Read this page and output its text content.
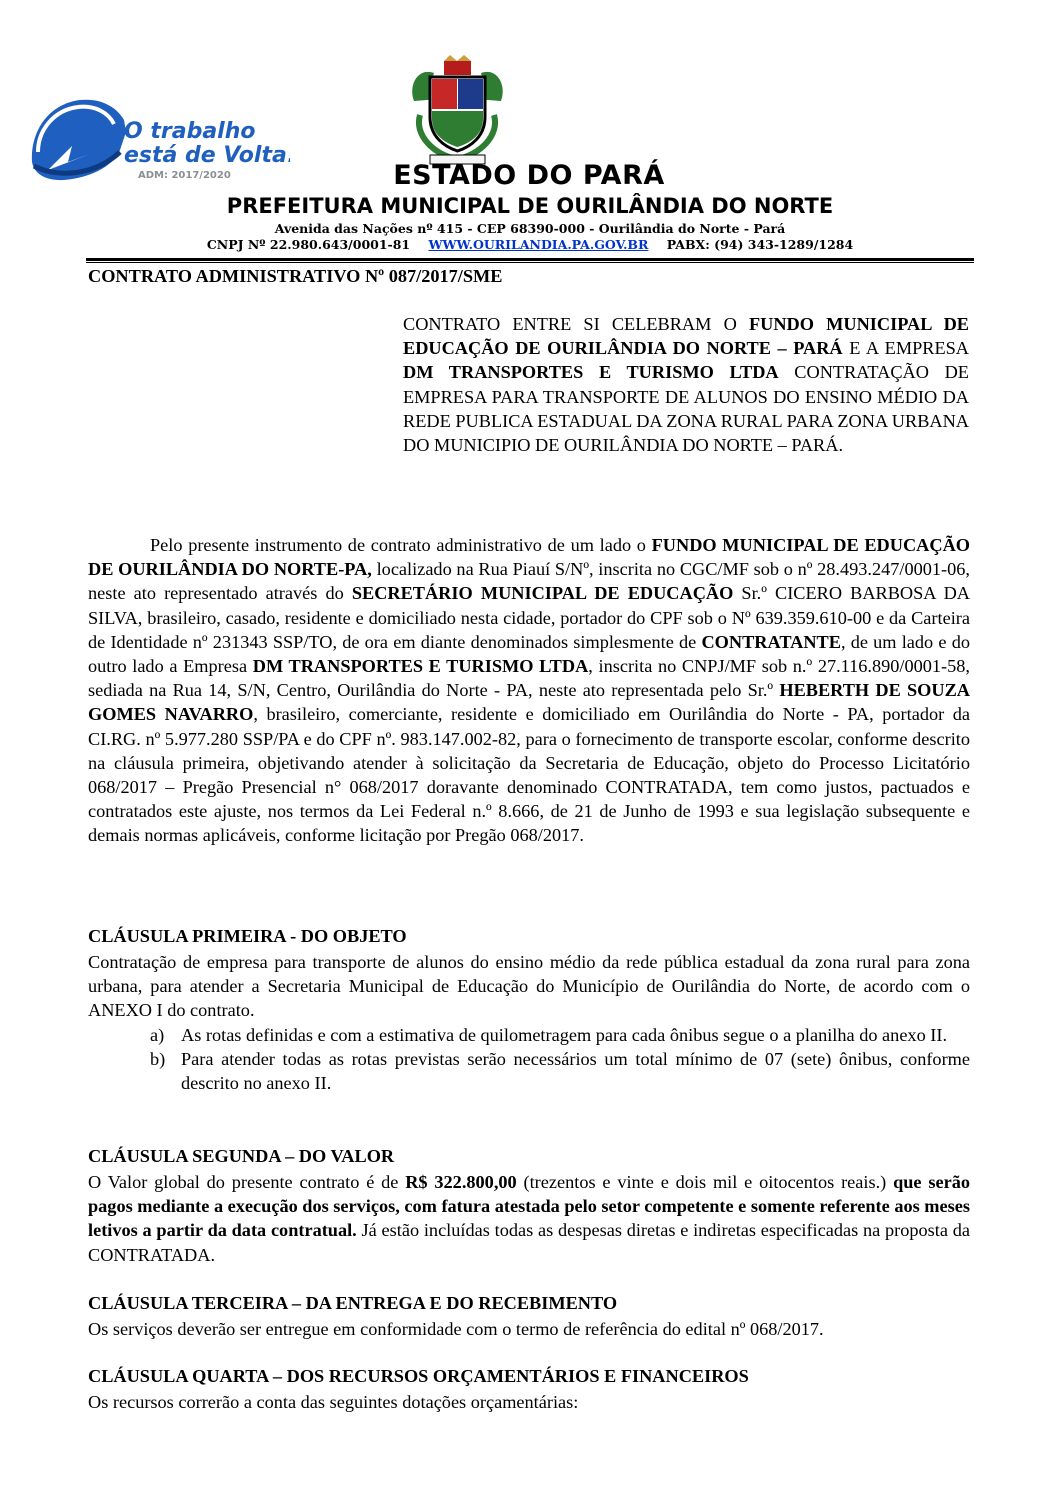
O trabalho
está de Volta!
ADM: 2017/2020	ESTADO DO PARÁ
PREFEITURA MUNICIPAL DE OURILÂNDIA DO NORTE
Avenida das Nações nº 415 - CEP 68390-000 - Ourilândia do Norte - Pará
CNPJ Nº 22.980.643/0001-81 WWW.OURILANDIA.PA.GOV.BR PABX: (94) 343-1289/1284
CONTRATO ADMINISTRATIVO Nº 087/2017/SME
CONTRATO ENTRE SI CELEBRAM O FUNDO MUNICIPAL DE EDUCAÇÃO DE OURILÂNDIA DO NORTE – PARÁ E A EMPRESA DM TRANSPORTES E TURISMO LTDA CONTRATAÇÃO DE EMPRESA PARA TRANSPORTE DE ALUNOS DO ENSINO MÉDIO DA REDE PUBLICA ESTADUAL DA ZONA RURAL PARA ZONA URBANA DO MUNICIPIO DE OURILÂNDIA DO NORTE – PARÁ.
Pelo presente instrumento de contrato administrativo de um lado o FUNDO MUNICIPAL DE EDUCAÇÃO DE OURILÂNDIA DO NORTE-PA, localizado na Rua Piauí S/Nº, inscrita no CGC/MF sob o nº 28.493.247/0001-06, neste ato representado através do SECRETÁRIO MUNICIPAL DE EDUCAÇÃO Sr.º CICERO BARBOSA DA SILVA, brasileiro, casado, residente e domiciliado nesta cidade, portador do CPF sob o Nº 639.359.610-00 e da Carteira de Identidade nº 231343 SSP/TO, de ora em diante denominados simplesmente de CONTRATANTE, de um lado e do outro lado a Empresa DM TRANSPORTES E TURISMO LTDA, inscrita no CNPJ/MF sob n.º 27.116.890/0001-58, sediada na Rua 14, S/N, Centro, Ourilândia do Norte - PA, neste ato representada pelo Sr.º HEBERTH DE SOUZA GOMES NAVARRO, brasileiro, comerciante, residente e domiciliado em Ourilândia do Norte - PA, portador da CI.RG. nº 5.977.280 SSP/PA e do CPF nº. 983.147.002-82, para o fornecimento de transporte escolar, conforme descrito na cláusula primeira, objetivando atender à solicitação da Secretaria de Educação, objeto do Processo Licitatório 068/2017 – Pregão Presencial n° 068/2017 doravante denominado CONTRATADA, tem como justos, pactuados e contratados este ajuste, nos termos da Lei Federal n.º 8.666, de 21 de Junho de 1993 e sua legislação subsequente e demais normas aplicáveis, conforme licitação por Pregão 068/2017.
CLÁUSULA PRIMEIRA - DO OBJETO
Contratação de empresa para transporte de alunos do ensino médio da rede pública estadual da zona rural para zona urbana, para atender a Secretaria Municipal de Educação do Município de Ourilândia do Norte, de acordo com o ANEXO I do contrato.
a) As rotas definidas e com a estimativa de quilometragem para cada ônibus segue o a planilha do anexo II.
b) Para atender todas as rotas previstas serão necessários um total mínimo de 07 (sete) ônibus, conforme descrito no anexo II.
CLÁUSULA SEGUNDA – DO VALOR
O Valor global do presente contrato é de R$ 322.800,00 (trezentos e vinte e dois mil e oitocentos reais.) que serão pagos mediante a execução dos serviços, com fatura atestada pelo setor competente e somente referente aos meses letivos a partir da data contratual. Já estão incluídas todas as despesas diretas e indiretas especificadas na proposta da CONTRATADA.
CLÁUSULA TERCEIRA – DA ENTREGA E DO RECEBIMENTO
Os serviços deverão ser entregue em conformidade com o termo de referência do edital nº 068/2017.
CLÁUSULA QUARTA – DOS RECURSOS ORÇAMENTÁRIOS E FINANCEIROS
Os recursos correrão a conta das seguintes dotações orçamentárias:
